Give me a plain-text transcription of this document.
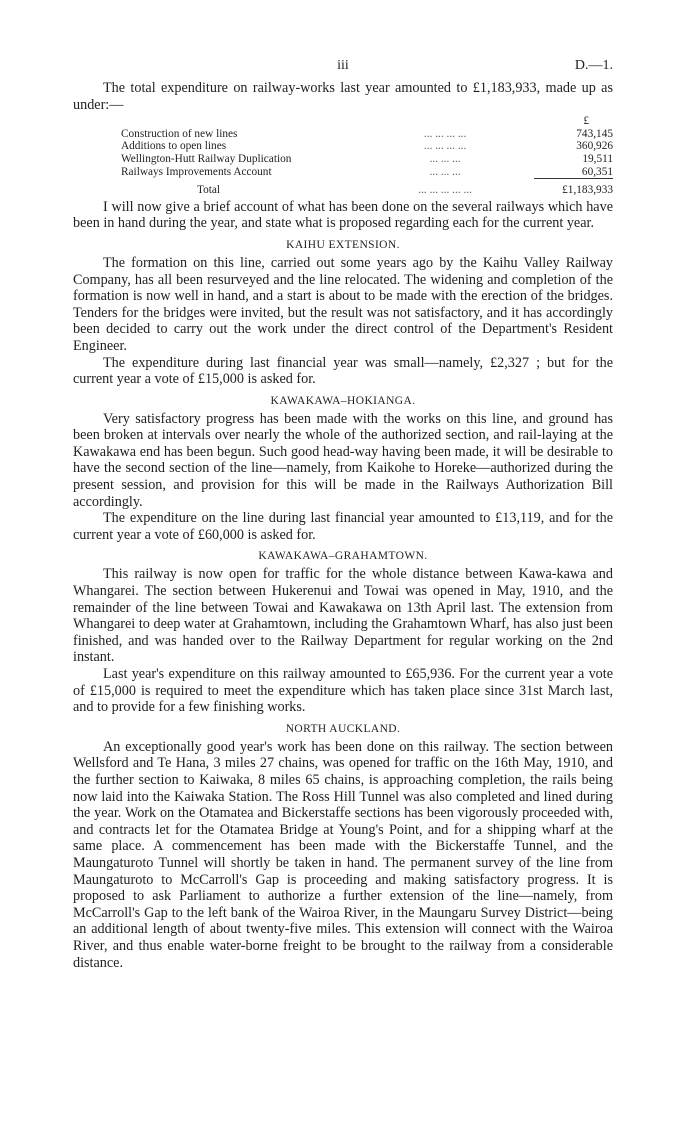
iii	D.—1.

The total expenditure on railway-works last year amounted to £1,183,933, made up as under:—

				£
Construction of new lines	... ... ... ...			743,145
Additions to open lines	... ... ... ...			360,926
Wellington-Hutt Railway Duplication	... ... ...			19,511
Railways Improvements Account	... ... ...			60,351
Total	... ... ... ... ...			£1,183,933

I will now give a brief account of what has been done on the several railways which have been in hand during the year, and state what is proposed regarding each for the current year.

KAIHU EXTENSION.

The formation on this line, carried out some years ago by the Kaihu Valley Railway Company, has all been resurveyed and the line relocated. The widening and completion of the formation is now well in hand, and a start is about to be made with the erection of the bridges. Tenders for the bridges were invited, but the result was not satisfactory, and it has accordingly been decided to carry out the work under the direct control of the Department's Resident Engineer.

The expenditure during last financial year was small—namely, £2,327 ; but for the current year a vote of £15,000 is asked for.

KAWAKAWA–HOKIANGA.

Very satisfactory progress has been made with the works on this line, and ground has been broken at intervals over nearly the whole of the authorized section, and rail-laying at the Kawakawa end has been begun. Such good head-way having been made, it will be desirable to have the second section of the line—namely, from Kaikohe to Horeke—authorized during the present session, and provision for this will be made in the Railways Authorization Bill accordingly.

The expenditure on the line during last financial year amounted to £13,119, and for the current year a vote of £60,000 is asked for.

KAWAKAWA–GRAHAMTOWN.

This railway is now open for traffic for the whole distance between Kawa-kawa and Whangarei. The section between Hukerenui and Towai was opened in May, 1910, and the remainder of the line between Towai and Kawakawa on 13th April last. The extension from Whangarei to deep water at Grahamtown, including the Grahamtown Wharf, has also just been finished, and was handed over to the Railway Department for regular working on the 2nd instant.

Last year's expenditure on this railway amounted to £65,936. For the current year a vote of £15,000 is required to meet the expenditure which has taken place since 31st March last, and to provide for a few finishing works.

NORTH AUCKLAND.

An exceptionally good year's work has been done on this railway. The section between Wellsford and Te Hana, 3 miles 27 chains, was opened for traffic on the 16th May, 1910, and the further section to Kaiwaka, 8 miles 65 chains, is approaching completion, the rails being now laid into the Kaiwaka Station. The Ross Hill Tunnel was also completed and lined during the year. Work on the Otamatea and Bickerstaffe sections has been vigorously proceeded with, and contracts let for the Otamatea Bridge at Young's Point, and for a shipping wharf at the same place. A commencement has been made with the Bickerstaffe Tunnel, and the Maungaturoto Tunnel will shortly be taken in hand. The permanent survey of the line from Maungaturoto to McCarroll's Gap is proceeding and making satisfactory progress. It is proposed to ask Parliament to authorize a further extension of the line—namely, from McCarroll's Gap to the left bank of the Wairoa River, in the Maungaru Survey District—being an additional length of about twenty-five miles. This extension will connect with the Wairoa River, and thus enable water-borne freight to be brought to the railway from a considerable distance.
